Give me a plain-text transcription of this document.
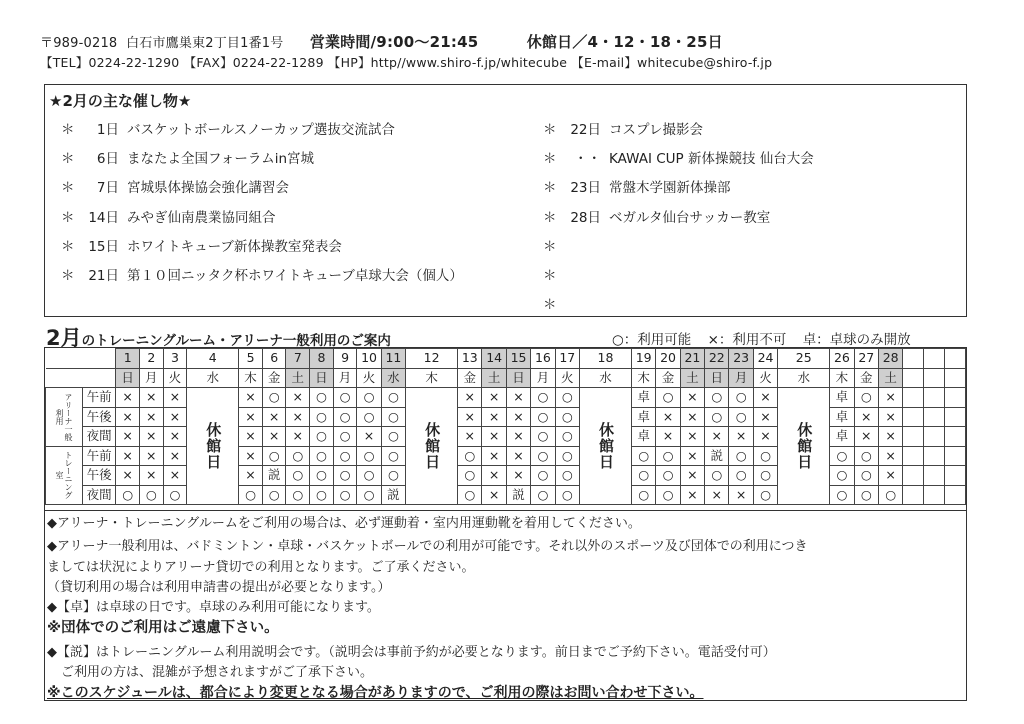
〒989-0218 白石市鷹巣東2丁目1番1号 営業時間/9:00～21:45	休館日／4・12・18・25日
【TEL】0224-22-1290 【FAX】0224-22-1289 【HP】http//www.shiro-f.jp/whitecube 【E-mail】whitecube@shiro-f.jp
★2月の主な催し物★
＊ 1日 バスケットボールスノーカップ選抜交流試合
＊ 6日 まなたよ全国フォーラムin宮城
＊ 7日 宮城県体操協会強化講習会
＊ 14日 みやぎ仙南農業協同組合
＊ 15日 ホワイトキューブ新体操教室発表会
＊ 21日 第１０回ニッタク杯ホワイトキューブ卓球大会（個人）
＊ 22日 コスプレ撮影会
＊ ・・ KAWAI CUP 新体操競技 仙台大会
＊ 23日 常盤木学園新体操部
＊ 28日 ベガルタ仙台サッカー教室
＊
＊
＊
2月のトレーニングルーム・アリーナ一般利用のご案内	○：利用可能 ×：利用不可 卓：卓球のみ開放
		1	2	3	4	5	6	7	8	9	10	11	12	13	14	15	16	17	18	19	20	21	22	23	24	25	26	27	28			
		日	月	火	水	木	金	土	日	月	火	水	木	金	土	日	月	火	水	木	金	土	日	月	火	水	木	金	土			
アリーナ一般利用	午前	×	×	×	休館日	×	○	×	○	○	○	○	休館日	×	×	×	○	○	休館日	卓	○	×	○	○	×	休館日	卓	○	×			
	午後	×	×	×		×	×	×	○	○	○	○		×	×	×	○	○		卓	×	×	○	○	×		卓	×	×			
	夜間	×	×	×		×	×	×	○	○	×	○		×	×	×	○	○		卓	×	×	×	×	×		卓	×	×			
トレーニング室	午前	×	×	×		×	○	○	○	○	○	○		○	×	×	○	○		○	○	×	説	○	○		○	○	×			
	午後	×	×	×		×	説	○	○	○	○	○		○	×	×	○	○		○	○	×	○	○	○		○	○	×			
	夜間	○	○	○		○	○	○	○	○	○	説		○	×	説	○	○		○	○	×	×	×	○		○	○	○			
◆アリーナ・トレーニングルームをご利用の場合は、必ず運動着・室内用運動靴を着用してください。
◆アリーナ一般利用は、バドミントン・卓球・バスケットボールでの利用が可能です。それ以外のスポーツ及び団体での利用につき
ましては状況によりアリーナ貸切での利用となります。ご了承ください。
（貸切利用の場合は利用申請書の提出が必要となります。）
◆【卓】は卓球の日です。卓球のみ利用可能になります。
※団体でのご利用はご遠慮下さい。
◆【説】はトレーニングルーム利用説明会です。（説明会は事前予約が必要となります。前日までご予約下さい。電話受付可）
ご利用の方は、混雑が予想されますがご了承下さい。
※このスケジュールは、都合により変更となる場合がありますので、ご利用の際はお問い合わせ下さい。
